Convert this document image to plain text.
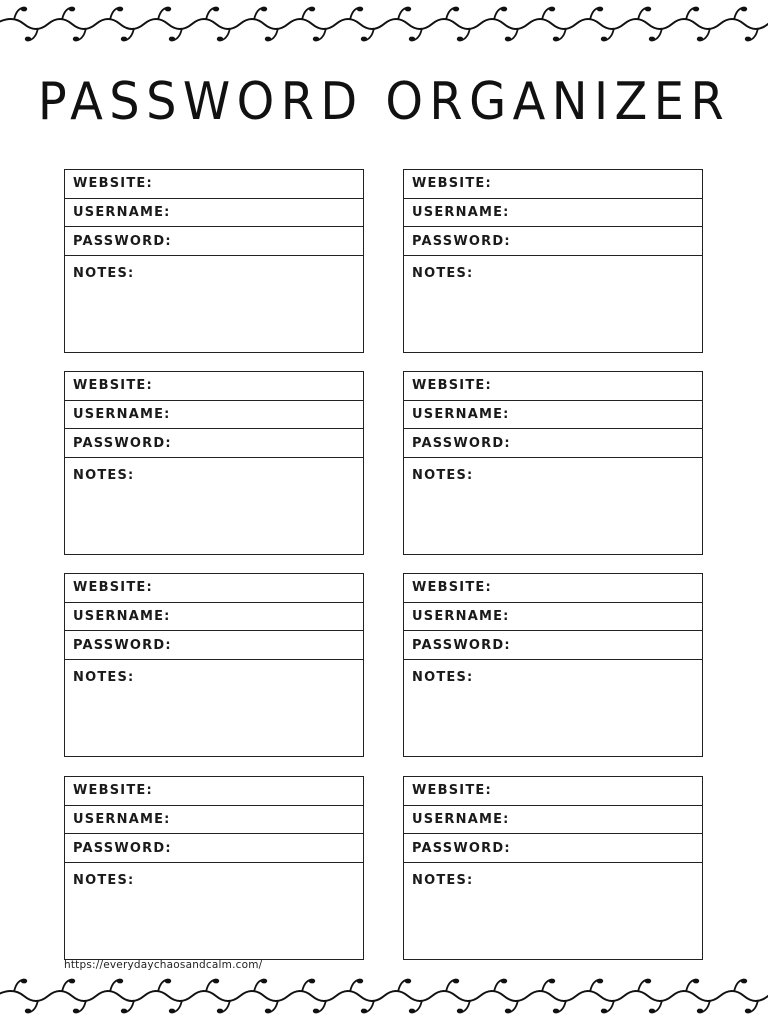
PASSWORD ORGANIZER
WEBSITE:
USERNAME:
PASSWORD:
NOTES:
WEBSITE:
USERNAME:
PASSWORD:
NOTES:
WEBSITE:
USERNAME:
PASSWORD:
NOTES:
WEBSITE:
USERNAME:
PASSWORD:
NOTES:
WEBSITE:
USERNAME:
PASSWORD:
NOTES:
WEBSITE:
USERNAME:
PASSWORD:
NOTES:
WEBSITE:
USERNAME:
PASSWORD:
NOTES:
WEBSITE:
USERNAME:
PASSWORD:
NOTES:
https://everydaychaosandcalm.com/
